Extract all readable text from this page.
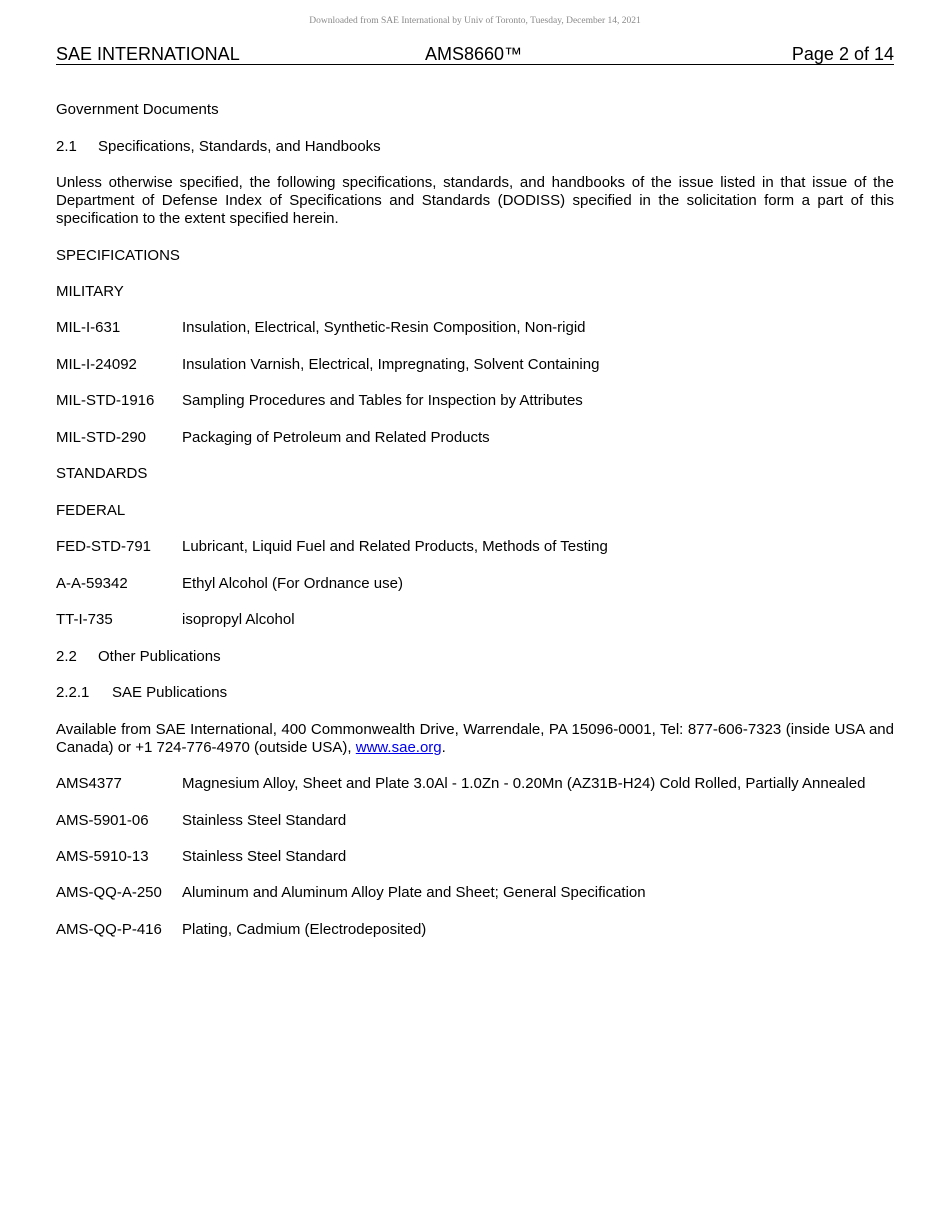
Downloaded from SAE International by Univ of Toronto, Tuesday, December 14, 2021
SAE INTERNATIONAL	AMS8660™	Page 2 of 14
Government Documents
2.1 Specifications, Standards, and Handbooks
Unless otherwise specified, the following specifications, standards, and handbooks of the issue listed in that issue of the Department of Defense Index of Specifications and Standards (DODISS) specified in the solicitation form a part of this specification to the extent specified herein.
SPECIFICATIONS
MILITARY
MIL-I-631	Insulation, Electrical, Synthetic-Resin Composition, Non-rigid
MIL-I-24092	Insulation Varnish, Electrical, Impregnating, Solvent Containing
MIL-STD-1916 Sampling Procedures and Tables for Inspection by Attributes
MIL-STD-290 Packaging of Petroleum and Related Products
STANDARDS
FEDERAL
FED-STD-791 Lubricant, Liquid Fuel and Related Products, Methods of Testing
A-A-59342	Ethyl Alcohol (For Ordnance use)
TT-I-735	isopropyl Alcohol
2.2 Other Publications
2.2.1 SAE Publications
Available from SAE International, 400 Commonwealth Drive, Warrendale, PA 15096-0001, Tel: 877-606-7323 (inside USA and Canada) or +1 724-776-4970 (outside USA), www.sae.org.
AMS4377	Magnesium Alloy, Sheet and Plate 3.0Al - 1.0Zn - 0.20Mn (AZ31B-H24) Cold Rolled, Partially Annealed
AMS-5901-06 Stainless Steel Standard
AMS-5910-13 Stainless Steel Standard
AMS-QQ-A-250 Aluminum and Aluminum Alloy Plate and Sheet; General Specification
AMS-QQ-P-416 Plating, Cadmium (Electrodeposited)
